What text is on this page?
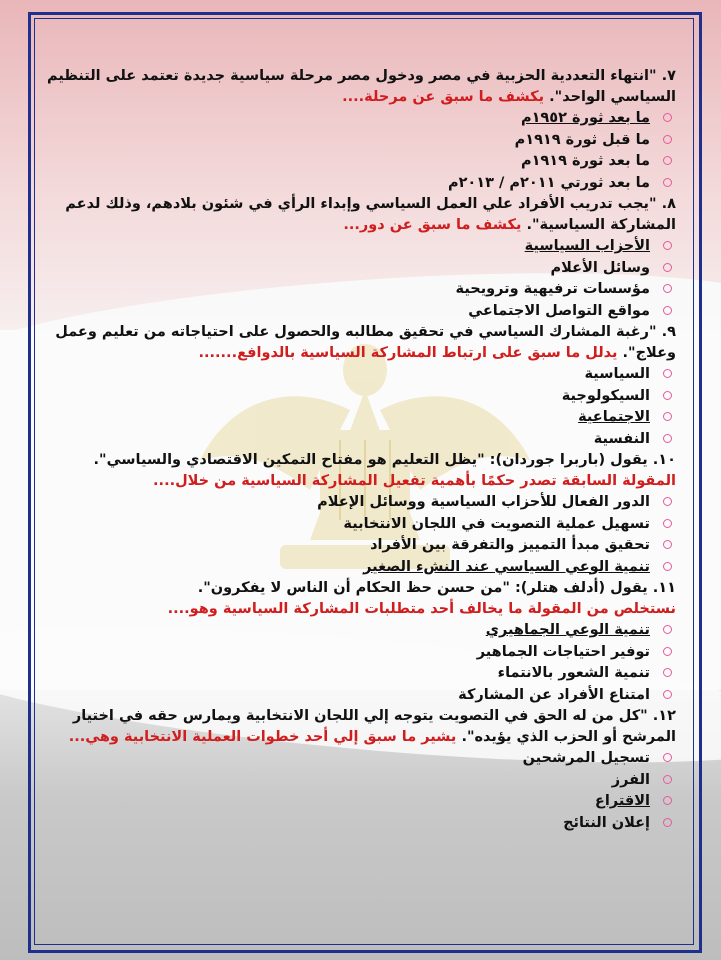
٧. "انتهاء التعددية الحزبية في مصر ودخول مصر مرحلة سياسية جديدة تعتمد على التنظيم السياسي الواحد". يكشف ما سبق عن مرحلة....
ما بعد ثورة ١٩٥٢م
ما قبل ثورة ١٩١٩م
ما بعد ثورة ١٩١٩م
ما بعد ثورتي ٢٠١١م / ٢٠١٣م
٨. "يجب تدريب الأفراد علي العمل السياسي وإبداء الرأي في شئون بلادهم، وذلك لدعم المشاركة السياسية". يكشف ما سبق عن دور...
الأحزاب السياسية
وسائل الأعلام
مؤسسات ترفيهية وترويحية
مواقع التواصل الاجتماعي
٩. "رغبة المشارك السياسي في تحقيق مطالبه والحصول على احتياجاته من تعليم وعمل وعلاج". يدلل ما سبق على ارتباط المشاركة السياسية بالدوافع.......
السياسية
السيكولوجية
الاجتماعية
النفسية
١٠. يقول (باربرا جوردان): "يظل التعليم هو مفتاح التمكين الاقتصادي والسياسي".
المقولة السابقة تصدر حكمًا بأهمية تفعيل المشاركة السياسية من خلال....
الدور الفعال للأحزاب السياسية ووسائل الإعلام
تسهيل عملية التصويت في اللجان الانتخابية
تحقيق مبدأ التمييز والتفرقة بين الأفراد
تنمية الوعي السياسي عند النشء الصغير
١١. يقول (أدلف هتلر): "من حسن حظ الحكام أن الناس لا يفكرون".
نستخلص من المقولة ما يخالف أحد متطلبات المشاركة السياسية وهو....
تنمية الوعي الجماهيري
توفير احتياجات الجماهير
تنمية الشعور بالانتماء
امتناع الأفراد عن المشاركة
١٢. "كل من له الحق في التصويت يتوجه إلي اللجان الانتخابية ويمارس حقه في اختيار المرشح أو الحزب الذي يؤيده". يشير ما سبق إلي أحد خطوات العملية الانتخابية وهي...
تسجيل المرشحين
الفرز
الاقتراع
إعلان النتائج
